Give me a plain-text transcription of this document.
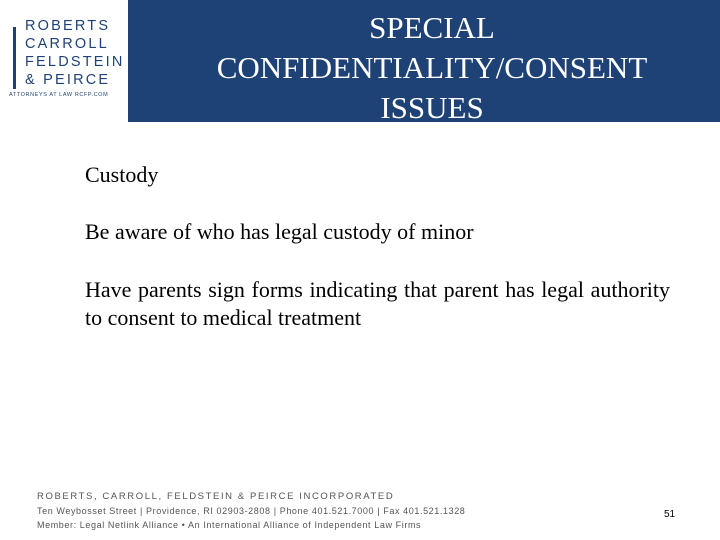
ROBERTS
CARROLL
FELDSTEIN
& PEIRCE
ATTORNEYS AT LAW RCFP.COM
SPECIAL
CONFIDENTIALITY/CONSENT
ISSUES
Custody
Be aware of who has legal custody of minor
Have parents sign forms indicating that parent has legal authority to consent to medical treatment
ROBERTS, CARROLL, FELDSTEIN & PEIRCE INCORPORATED
Ten Weybosset Street | Providence, RI 02903-2808 | Phone 401.521.7000 | Fax 401.521.1328
Member: Legal Netlink Alliance • An International Alliance of Independent Law Firms
51
